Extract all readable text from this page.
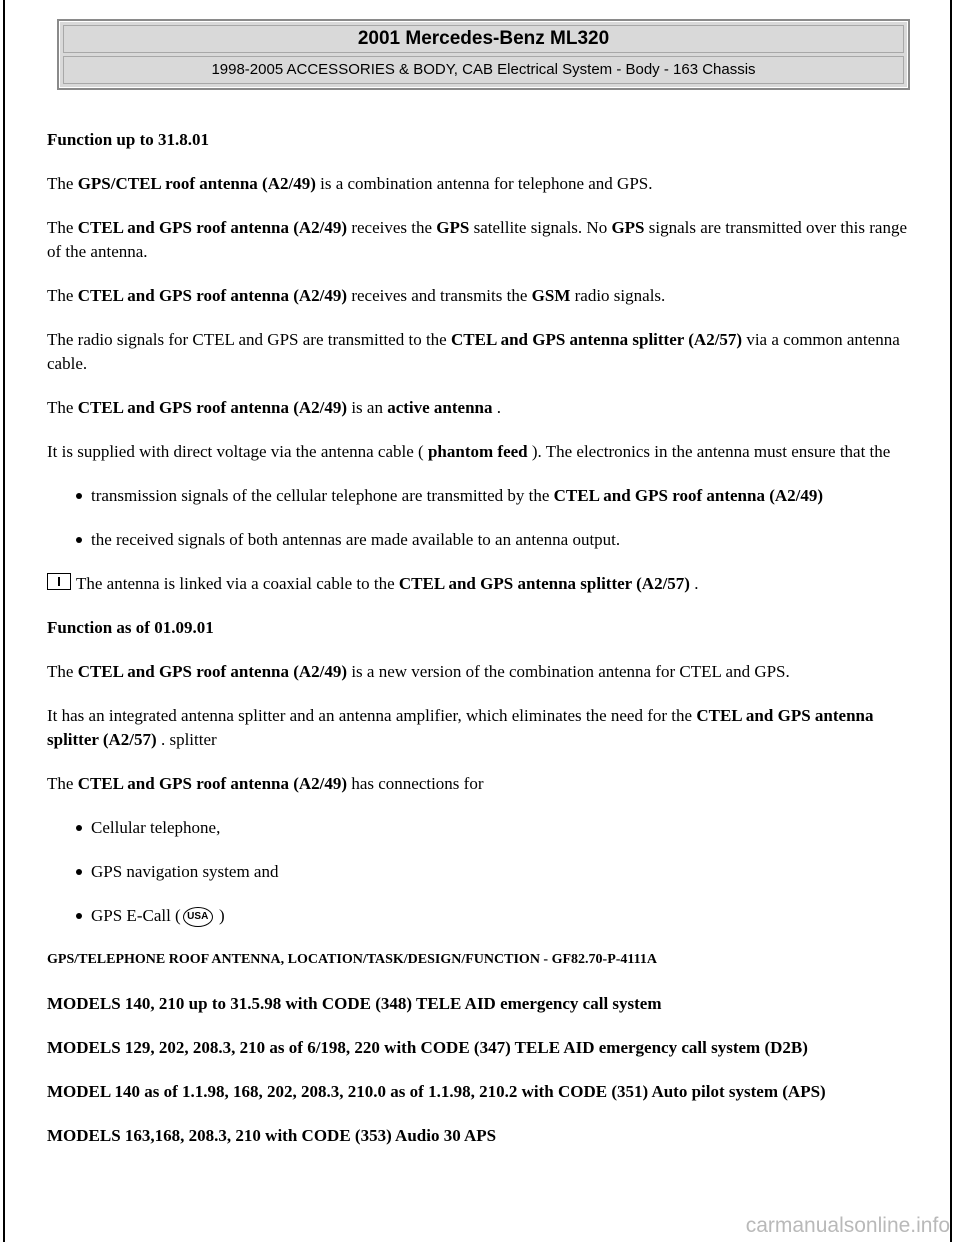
2001 Mercedes-Benz ML320
1998-2005 ACCESSORIES & BODY, CAB Electrical System - Body - 163 Chassis

Function up to 31.8.01

The GPS/CTEL roof antenna (A2/49) is a combination antenna for telephone and GPS.

The CTEL and GPS roof antenna (A2/49) receives the GPS satellite signals. No GPS signals are transmitted over this range of the antenna.

The CTEL and GPS roof antenna (A2/49) receives and transmits the GSM radio signals.

The radio signals for CTEL and GPS are transmitted to the CTEL and GPS antenna splitter (A2/57) via a common antenna cable.

The CTEL and GPS roof antenna (A2/49) is an active antenna .

It is supplied with direct voltage via the antenna cable ( phantom feed ). The electronics in the antenna must ensure that the

transmission signals of the cellular telephone are transmitted by the CTEL and GPS roof antenna (A2/49)
the received signals of both antennas are made available to an antenna output.

The antenna is linked via a coaxial cable to the CTEL and GPS antenna splitter (A2/57) .

Function as of 01.09.01

The CTEL and GPS roof antenna (A2/49) is a new version of the combination antenna for CTEL and GPS.

It has an integrated antenna splitter and an antenna amplifier, which eliminates the need for the CTEL and GPS antenna splitter (A2/57) . splitter

The CTEL and GPS roof antenna (A2/49) has connections for

Cellular telephone,
GPS navigation system and
GPS E-Call ( USA )

GPS/TELEPHONE ROOF ANTENNA, LOCATION/TASK/DESIGN/FUNCTION - GF82.70-P-4111A

MODELS 140, 210 up to 31.5.98 with CODE (348) TELE AID emergency call system

MODELS 129, 202, 208.3, 210 as of 6/198, 220 with CODE (347) TELE AID emergency call system (D2B)

MODEL 140 as of 1.1.98, 168, 202, 208.3, 210.0 as of 1.1.98, 210.2 with CODE (351) Auto pilot system (APS)

MODELS 163,168, 208.3, 210 with CODE (353) Audio 30 APS

carmanualsonline.info
